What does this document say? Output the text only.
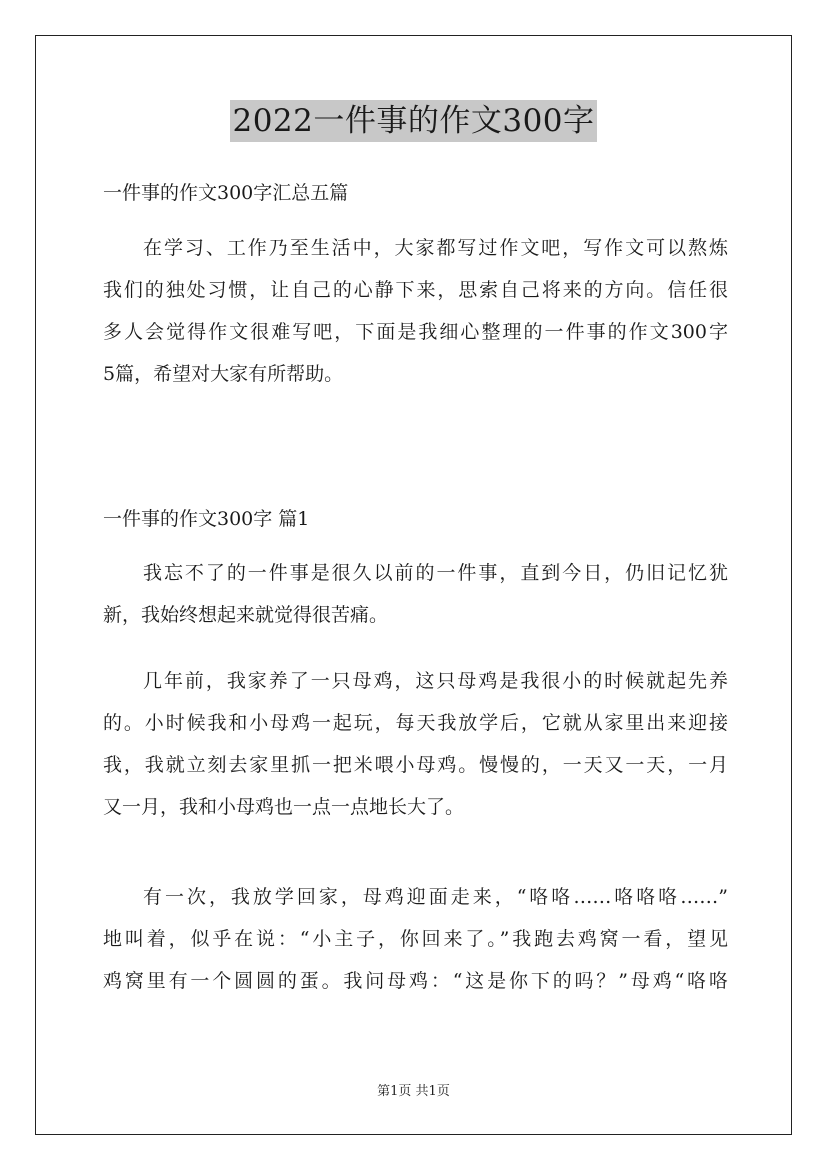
2022一件事的作文300字
一件事的作文300字汇总五篇
在学习、工作乃至生活中，大家都写过作文吧，写作文可以熬炼
我们的独处习惯，让自己的心静下来，思索自己将来的方向。信任很
多人会觉得作文很难写吧，下面是我细心整理的一件事的作文300字
5篇，希望对大家有所帮助。
一件事的作文300字 篇1
我忘不了的一件事是很久以前的一件事，直到今日，仍旧记忆犹
新，我始终想起来就觉得很苦痛。
几年前，我家养了一只母鸡，这只母鸡是我很小的时候就起先养
的。小时候我和小母鸡一起玩，每天我放学后，它就从家里出来迎接
我，我就立刻去家里抓一把米喂小母鸡。慢慢的，一天又一天，一月
又一月，我和小母鸡也一点一点地长大了。
有一次，我放学回家，母鸡迎面走来，“咯咯……咯咯咯……”
地叫着，似乎在说：“小主子，你回来了。”我跑去鸡窝一看，望见
鸡窝里有一个圆圆的蛋。我问母鸡：“这是你下的吗？”母鸡“咯咯
第1页 共1页
